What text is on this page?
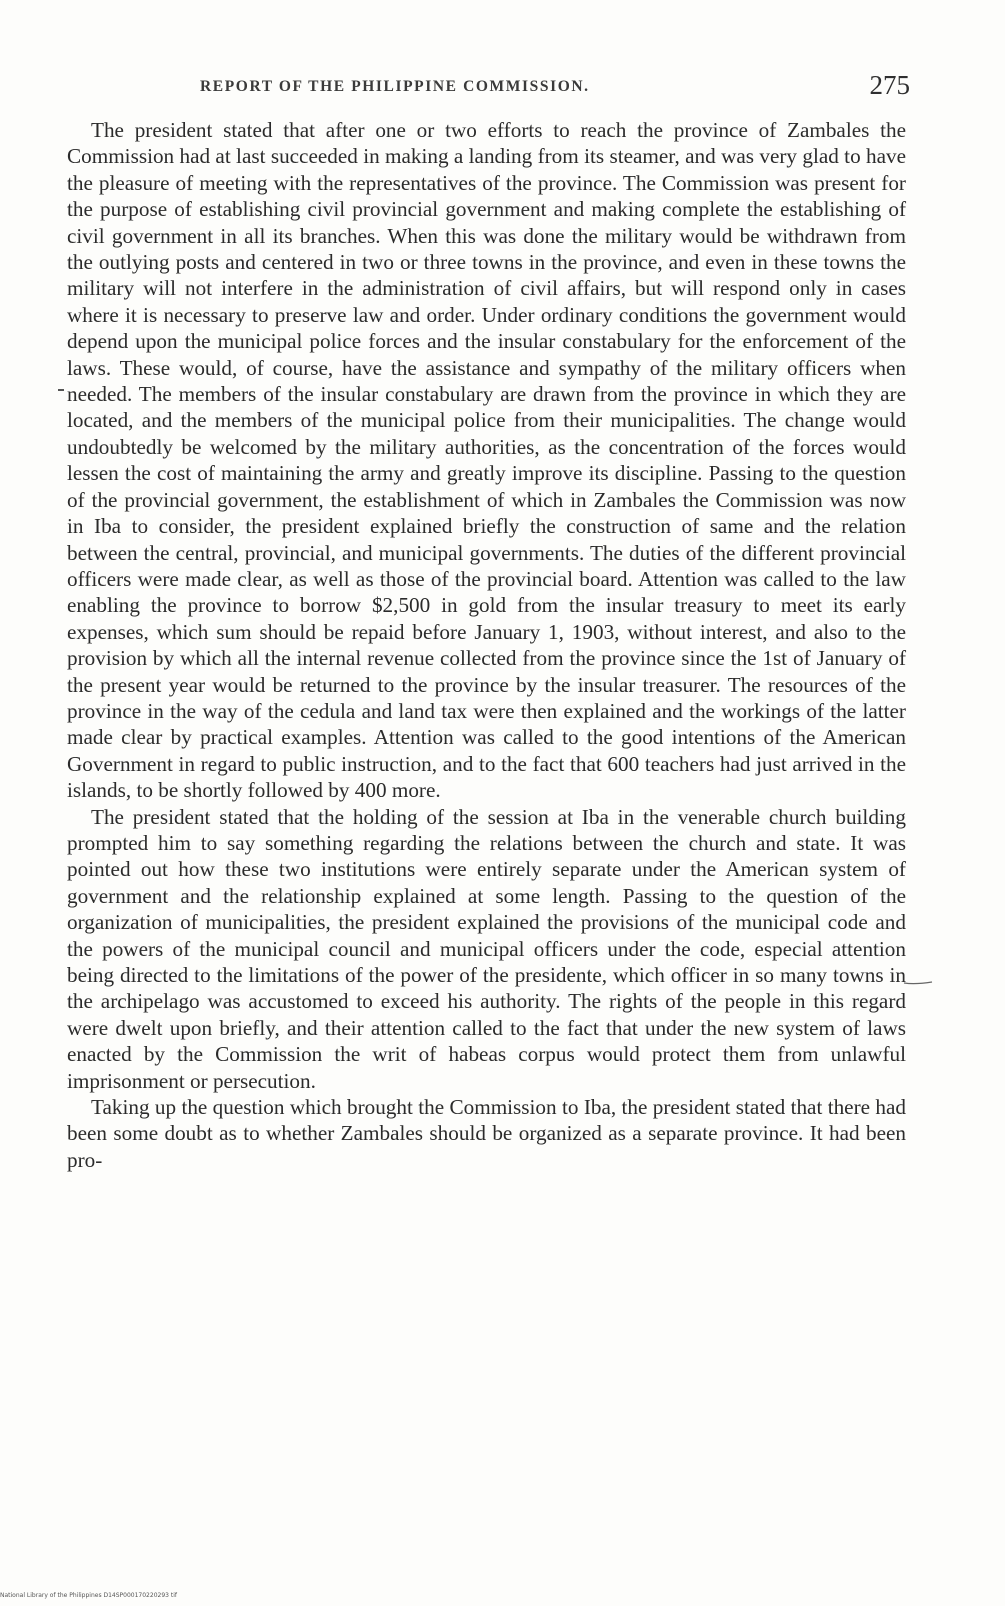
REPORT OF THE PHILIPPINE COMMISSION.	275

The president stated that after one or two efforts to reach the province of Zambales the Commission had at last succeeded in making a landing from its steamer, and was very glad to have the pleasure of meeting with the representatives of the province. The Commission was present for the purpose of establishing civil provincial government and making complete the establishing of civil government in all its branches. When this was done the military would be withdrawn from the outlying posts and centered in two or three towns in the province, and even in these towns the military will not interfere in the administration of civil affairs, but will respond only in cases where it is necessary to preserve law and order. Under ordinary conditions the government would depend upon the municipal police forces and the insular constabulary for the enforcement of the laws. These would, of course, have the assistance and sympathy of the military officers when needed. The members of the insular constabulary are drawn from the province in which they are located, and the members of the municipal police from their municipalities. The change would undoubtedly be welcomed by the military authorities, as the concentration of the forces would lessen the cost of maintaining the army and greatly improve its discipline. Passing to the question of the provincial government, the establishment of which in Zambales the Commission was now in Iba to consider, the president explained briefly the construction of same and the relation between the central, provincial, and municipal governments. The duties of the different provincial officers were made clear, as well as those of the provincial board. Attention was called to the law enabling the province to borrow $2,500 in gold from the insular treasury to meet its early expenses, which sum should be repaid before January 1, 1903, without interest, and also to the provision by which all the internal revenue collected from the province since the 1st of January of the present year would be returned to the province by the insular treasurer. The resources of the province in the way of the cedula and land tax were then explained and the workings of the latter made clear by practical examples. Attention was called to the good intentions of the American Government in regard to public instruction, and to the fact that 600 teachers had just arrived in the islands, to be shortly followed by 400 more.

The president stated that the holding of the session at Iba in the venerable church building prompted him to say something regarding the relations between the church and state. It was pointed out how these two institutions were entirely separate under the American system of government and the relationship explained at some length. Passing to the question of the organization of municipalities, the president explained the provisions of the municipal code and the powers of the municipal council and municipal officers under the code, especial attention being directed to the limitations of the power of the presidente, which officer in so many towns in the archipelago was accustomed to exceed his authority. The rights of the people in this regard were dwelt upon briefly, and their attention called to the fact that under the new system of laws enacted by the Commission the writ of habeas corpus would protect them from unlawful imprisonment or persecution.

Taking up the question which brought the Commission to Iba, the president stated that there had been some doubt as to whether Zambales should be organized as a separate province. It had been pro-

National Library of the Philippines D14SP000170220293 tif
